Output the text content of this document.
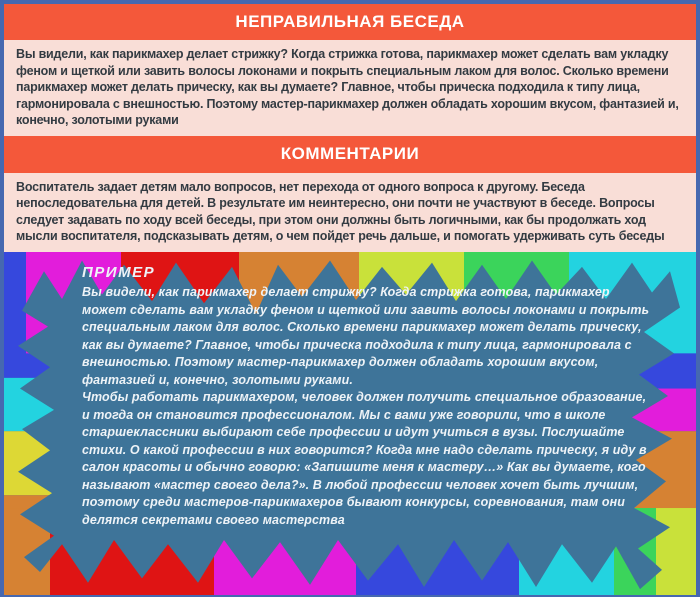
НЕПРАВИЛЬНАЯ БЕСЕДА

Вы видели, как парикмахер делает стрижку? Когда стрижка готова, парикмахер может сделать вам укладку феном и щеткой или завить волосы локонами и покрыть специальным лаком для волос. Сколько времени парикмахер может делать прическу, как вы думаете? Главное, чтобы прическа подходила к типу лица, гармонировала с внешностью. Поэтому мастер-парикмахер должен обладать хорошим вкусом, фантазией и, конечно, золотыми руками

КОММЕНТАРИИ

Воспитатель задает детям мало вопросов, нет перехода от одного вопроса к другому. Беседа непоследовательна для детей. В результате им неинтересно, они почти не участвуют в беседе. Вопросы следует задавать по ходу всей беседы, при этом они должны быть логичными, как бы продолжать ход мысли воспитателя, подсказывать детям, о чем пойдет речь дальше, и помогать удерживать суть беседы

ПРИМЕР

Вы видели, как парикмахер делает стрижку? Когда стрижка готова, парикмахер может сделать вам укладку феном и щеткой или завить волосы локонами и покрыть специальным лаком для волос. Сколько времени парикмахер может делать прическу, как вы думаете? Главное, чтобы прическа подходила к типу лица, гармонировала с внешностью. Поэтому мастер-парикмахер должен обладать хорошим вкусом, фантазией и, конечно, золотыми руками.

Чтобы работать парикмахером, человек должен получить специальное образование, и тогда он становится профессионалом. Мы с вами уже говорили, что в школе старшеклассники выбирают себе профессии и идут учиться в вузы. Послушайте стихи. О какой профессии в них говорится? Когда мне надо сделать прическу, я иду в салон красоты и обычно говорю: «Запишите меня к мастеру…» Как вы думаете, кого называют «мастер своего дела?». В любой профессии человек хочет быть лучшим, поэтому среди мастеров-парикмахеров бывают конкурсы, соревнования, там они делятся секретами своего мастерства
